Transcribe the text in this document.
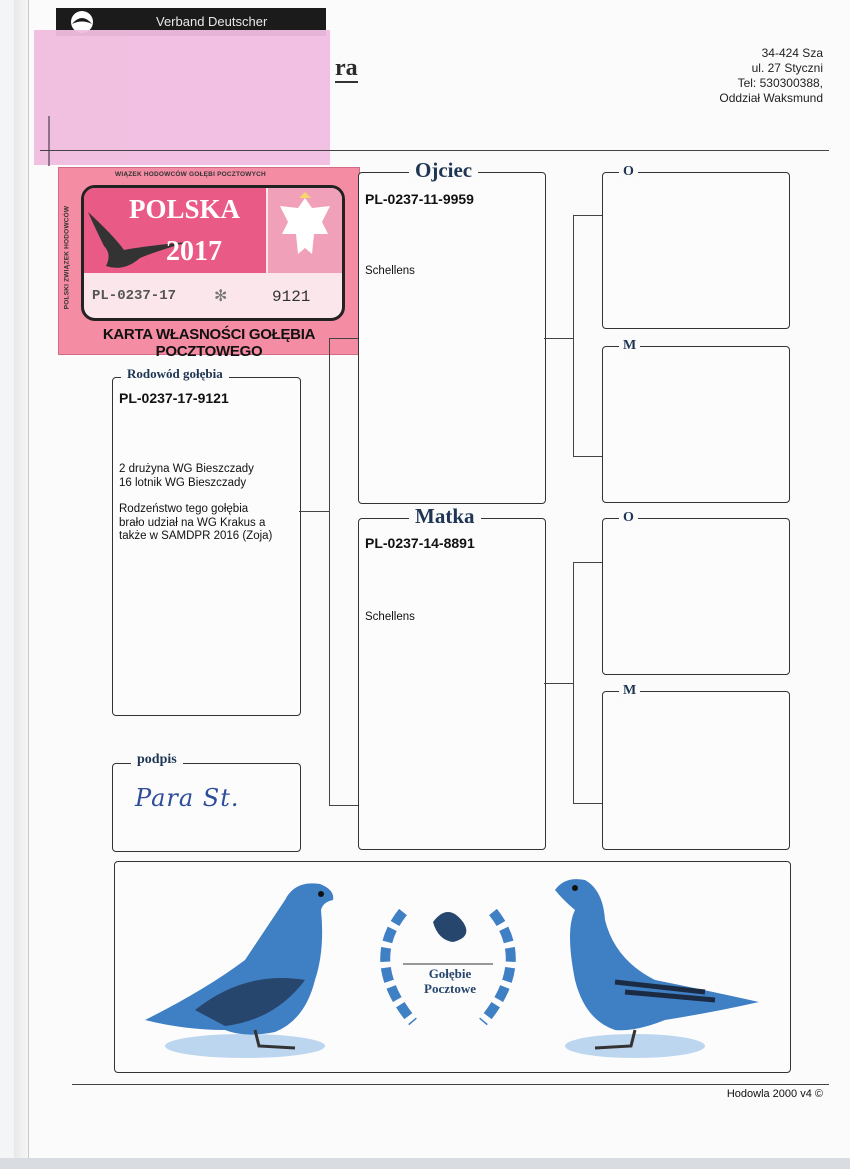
Verband Deutscher
ra
34-424 Sza
ul. 27 Styczni
Tel: 530300388,
Oddział Waksmund
WIĄZEK HODOWCÓW GOŁĘBI POCZTOWYCH
POLSKI ZWIĄZEK HODOWCÓW POLSKA
2017
PL-0237-17 ✻	9121
KARTA WŁASNOŚCI GOŁĘBIA POCZTOWEGO
Rodowód gołębia
PL-0237-17-9121
2 drużyna WG Bieszczady
16 lotnik WG Bieszczady
Rodzeństwo tego gołębia
brało udział na WG Krakus a
także w SAMDPR 2016 (Zoja)
podpis
Para St.
Ojciec
PL-0237-11-9959
Schellens
Matka
PL-0237-14-8891
Schellens
O
M
O
M
Gołębie
Pocztowe
Hodowla 2000 v4 ©
